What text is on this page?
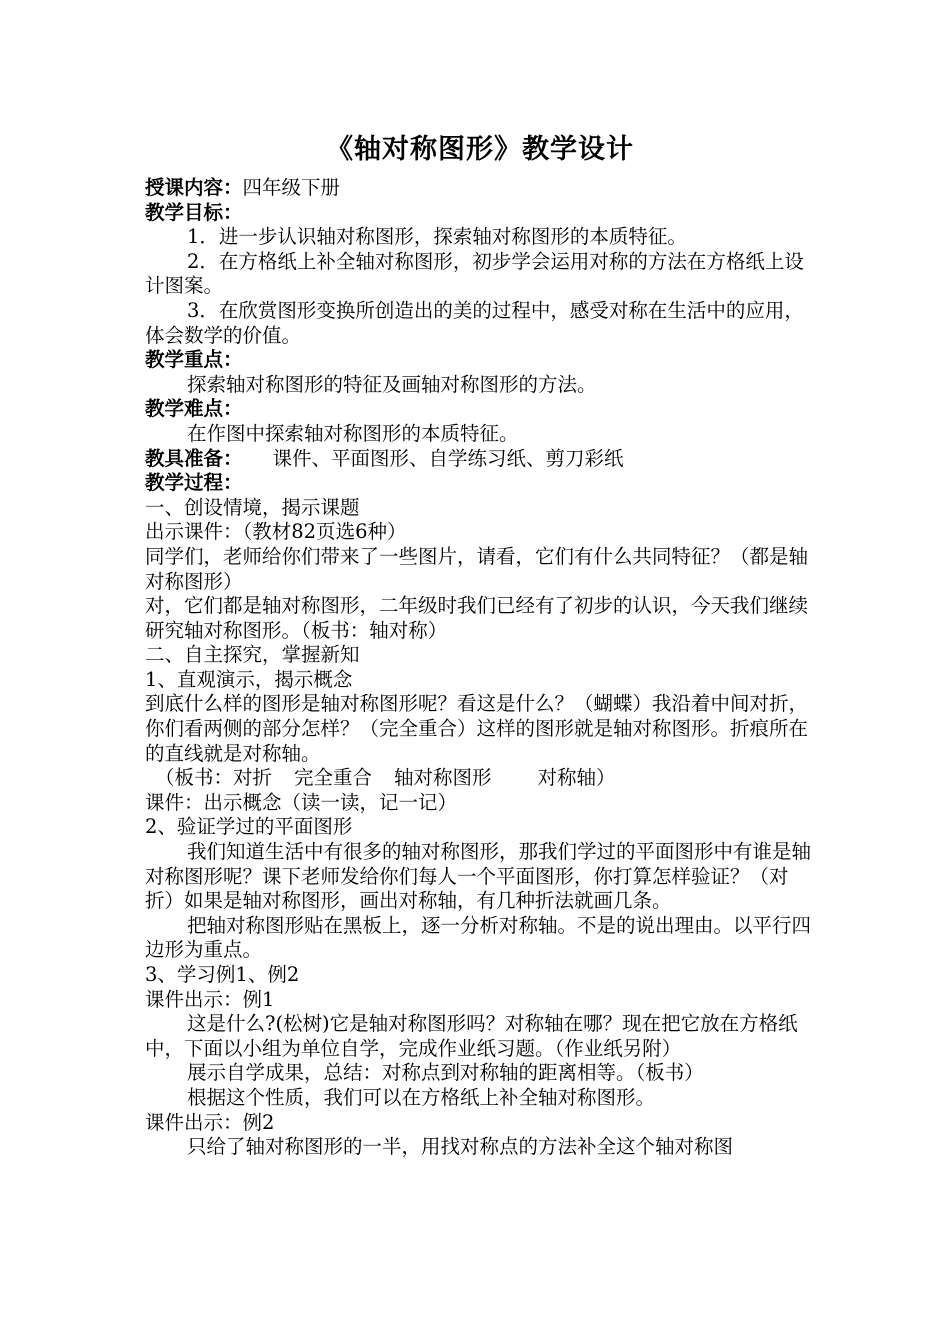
《轴对称图形》教学设计

授课内容：四年级下册

教学目标：

1．进一步认识轴对称图形，探索轴对称图形的本质特征。

2．在方格纸上补全轴对称图形，初步学会运用对称的方法在方格纸上设计图案。

3．在欣赏图形变换所创造出的美的过程中，感受对称在生活中的应用，体会数学的价值。

教学重点：

探索轴对称图形的特征及画轴对称图形的方法。

教学难点：

在作图中探索轴对称图形的本质特征。

教具准备： 课件、平面图形、自学练习纸、剪刀彩纸

教学过程：

一、创设情境，揭示课题

出示课件：（教材82页选6种）

同学们，老师给你们带来了一些图片，请看，它们有什么共同特征？（都是轴对称图形）

对，它们都是轴对称图形，二年级时我们已经有了初步的认识，今天我们继续研究轴对称图形。（板书：轴对称）

二、自主探究，掌握新知

1、直观演示，揭示概念

到底什么样的图形是轴对称图形呢？看这是什么？（蝴蝶）我沿着中间对折，你们看两侧的部分怎样？（完全重合）这样的图形就是轴对称图形。折痕所在的直线就是对称轴。

（板书：对折 完全重合 轴对称图形 对称轴）

课件：出示概念（读一读，记一记）

2、验证学过的平面图形

我们知道生活中有很多的轴对称图形，那我们学过的平面图形中有谁是轴对称图形呢？课下老师发给你们每人一个平面图形，你打算怎样验证？（对折）如果是轴对称图形，画出对称轴，有几种折法就画几条。

把轴对称图形贴在黑板上，逐一分析对称轴。不是的说出理由。以平行四边形为重点。

3、学习例1、例2

课件出示：例1

这是什么?(松树)它是轴对称图形吗？对称轴在哪？现在把它放在方格纸中，下面以小组为单位自学，完成作业纸习题。（作业纸另附）

展示自学成果，总结：对称点到对称轴的距离相等。（板书）

根据这个性质，我们可以在方格纸上补全轴对称图形。

课件出示：例2

只给了轴对称图形的一半，用找对称点的方法补全这个轴对称图
